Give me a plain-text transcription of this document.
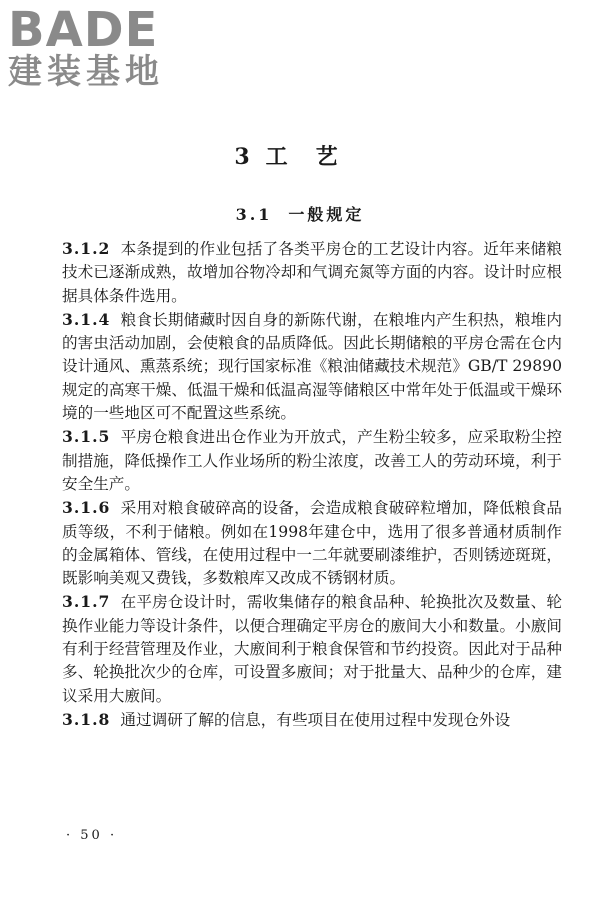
BADE
建装基地
3 工艺
3.1 一般规定

3.1.2 本条提到的作业包括了各类平房仓的工艺设计内容。近年来储粮技术已逐渐成熟，故增加谷物冷却和气调充氮等方面的内容。设计时应根据具体条件选用。

3.1.4 粮食长期储藏时因自身的新陈代谢，在粮堆内产生积热，粮堆内的害虫活动加剧，会使粮食的品质降低。因此长期储粮的平房仓需在仓内设计通风、熏蒸系统；现行国家标准《粮油储藏技术规范》GB/T 29890规定的高寒干燥、低温干燥和低温高湿等储粮区中常年处于低温或干燥环境的一些地区可不配置这些系统。

3.1.5 平房仓粮食进出仓作业为开放式，产生粉尘较多，应采取粉尘控制措施，降低操作工人作业场所的粉尘浓度，改善工人的劳动环境，利于安全生产。

3.1.6 采用对粮食破碎高的设备，会造成粮食破碎粒增加，降低粮食品质等级，不利于储粮。例如在1998年建仓中，选用了很多普通材质制作的金属箱体、管线，在使用过程中一二年就要刷漆维护，否则锈迹斑斑，既影响美观又费钱，多数粮库又改成不锈钢材质。

3.1.7 在平房仓设计时，需收集储存的粮食品种、轮换批次及数量、轮换作业能力等设计条件，以便合理确定平房仓的廒间大小和数量。小廒间有利于经营管理及作业，大廒间利于粮食保管和节约投资。因此对于品种多、轮换批次少的仓库，可设置多廒间；对于批量大、品种少的仓库，建议采用大廒间。

3.1.8 通过调研了解的信息，有些项目在使用过程中发现仓外设

· 50 ·
